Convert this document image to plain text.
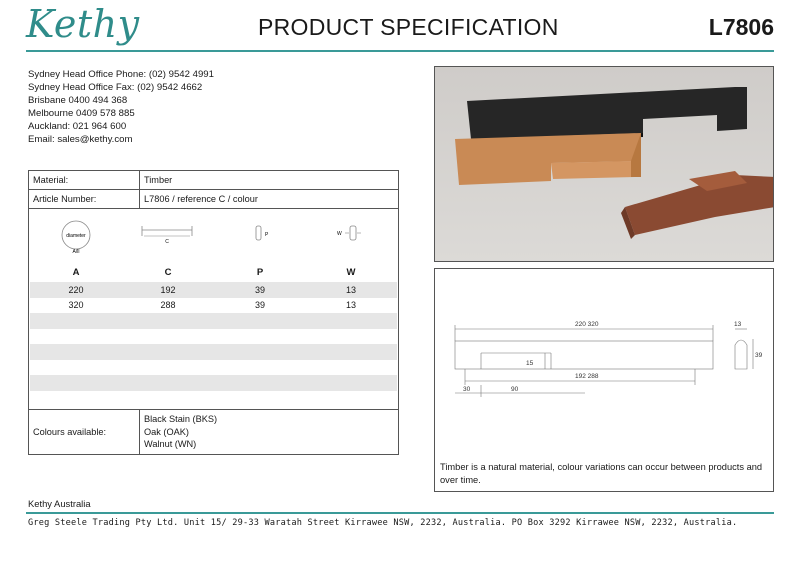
Kethy	PRODUCT SPECIFICATION	L7806
Sydney Head Office Phone: (02) 9542 4991
Sydney Head Office Fax: (02) 9542 4662
Brisbane 0400 494 368
Melbourne 0409 578 885
Auckland: 021 964 600
Email: sales@kethy.com
Material:	Timber
Article Number:	L7806 / reference C / colour
diameter
A/ll
C
P	W
A	C	P	W
220	192	39	13
320	288	39	13
Colours available:	
Black Stain (BKS)
Oak (OAK)
Walnut (WN)
220 320	13
39
15
192 288
30	90
Timber is a natural material, colour variations can occur between products and over time.
Kethy Australia
Greg Steele Trading Pty Ltd. Unit 15/ 29-33 Waratah Street Kirrawee NSW, 2232, Australia. PO Box 3292 Kirrawee NSW, 2232, Australia.
